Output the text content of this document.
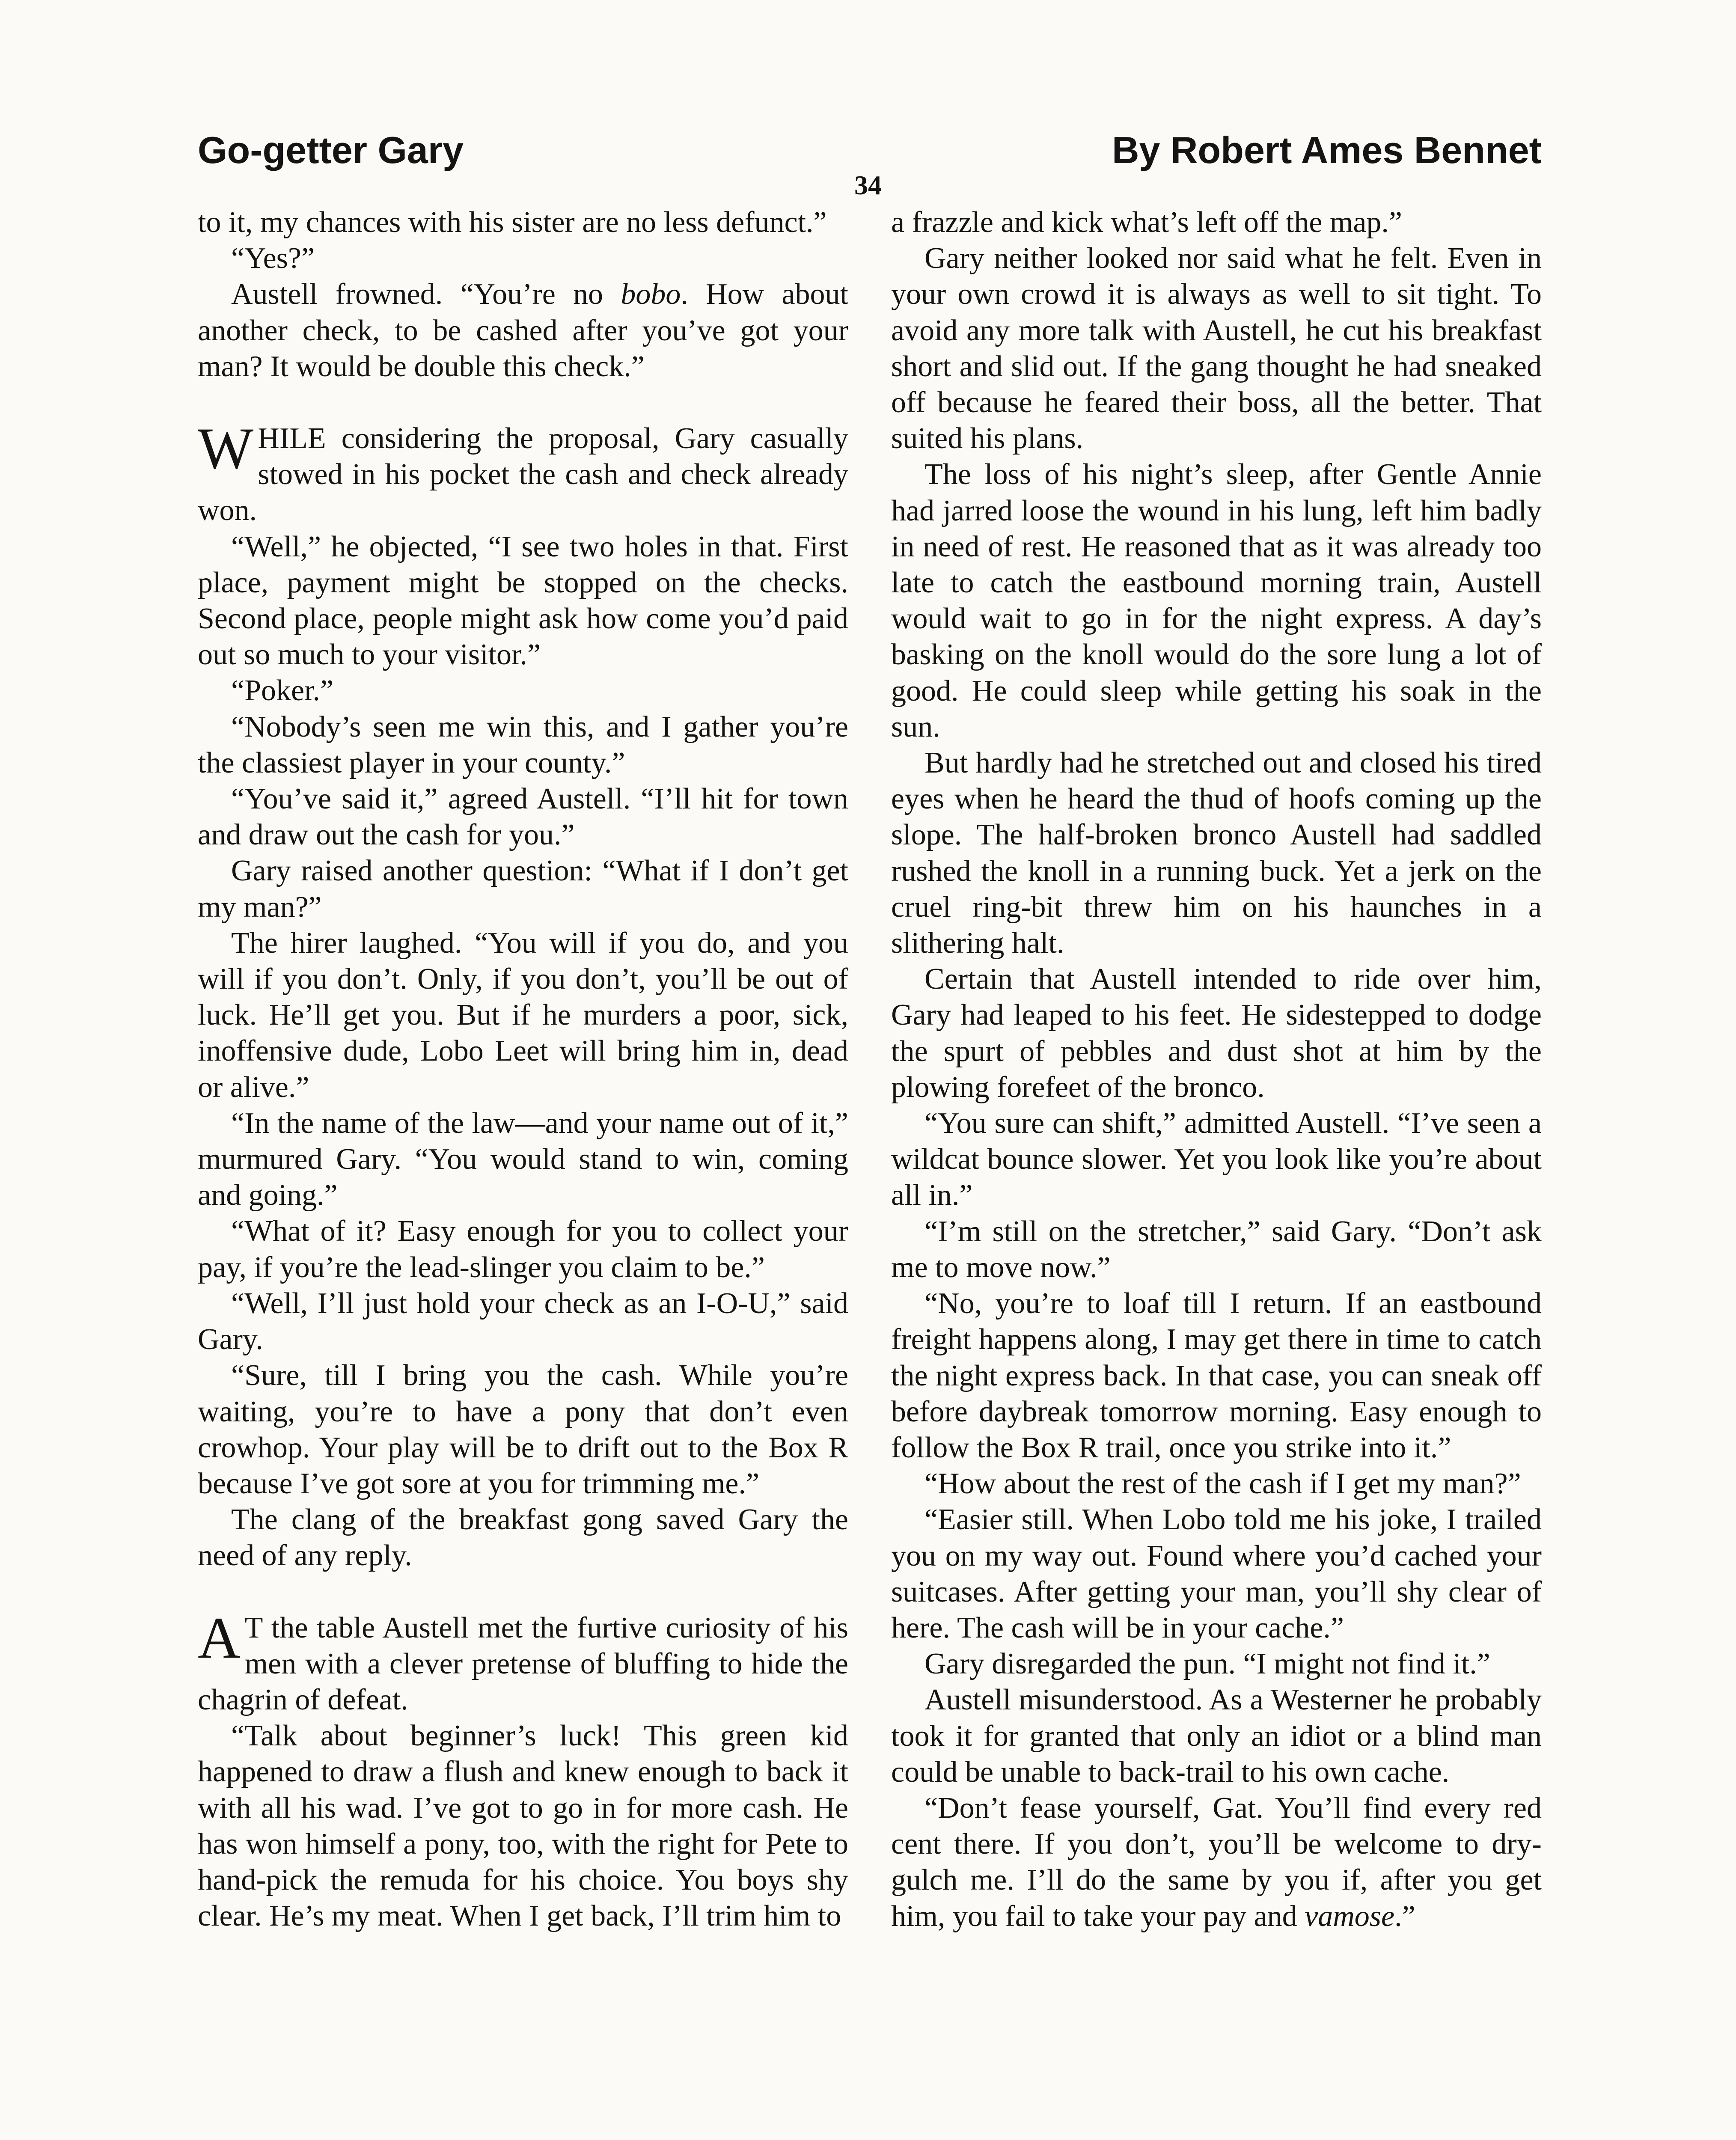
Go-getter Gary	By Robert Ames Bennet
34

to it, my chances with his sister are no less defunct.”

“Yes?”

Austell frowned. “You’re no bobo. How about another check, to be cashed after you’ve got your man? It would be double this check.”

WHILE considering the proposal, Gary casually stowed in his pocket the cash and check already won.

“Well,” he objected, “I see two holes in that. First place, payment might be stopped on the checks. Second place, people might ask how come you’d paid out so much to your visitor.”

“Poker.”

“Nobody’s seen me win this, and I gather you’re the classiest player in your county.”

“You’ve said it,” agreed Austell. “I’ll hit for town and draw out the cash for you.”

Gary raised another question: “What if I don’t get my man?”

The hirer laughed. “You will if you do, and you will if you don’t. Only, if you don’t, you’ll be out of luck. He’ll get you. But if he murders a poor, sick, inoffensive dude, Lobo Leet will bring him in, dead or alive.”

“In the name of the law—and your name out of it,” murmured Gary. “You would stand to win, coming and going.”

“What of it? Easy enough for you to collect your pay, if you’re the lead-slinger you claim to be.”

“Well, I’ll just hold your check as an I-O-U,” said Gary.

“Sure, till I bring you the cash. While you’re waiting, you’re to have a pony that don’t even crowhop. Your play will be to drift out to the Box R because I’ve got sore at you for trimming me.”

The clang of the breakfast gong saved Gary the need of any reply.

A T the table Austell met the furtive curiosity of his men with a clever pretense of bluffing to hide the chagrin of defeat.

“Talk about beginner’s luck! This green kid happened to draw a flush and knew enough to back it with all his wad. I’ve got to go in for more cash. He has won himself a pony, too, with the right for Pete to hand-pick the remuda for his choice. You boys shy clear. He’s my meat. When I get back, I’ll trim him to

a frazzle and kick what’s left off the map.”

Gary neither looked nor said what he felt. Even in your own crowd it is always as well to sit tight. To avoid any more talk with Austell, he cut his breakfast short and slid out. If the gang thought he had sneaked off because he feared their boss, all the better. That suited his plans.

The loss of his night’s sleep, after Gentle Annie had jarred loose the wound in his lung, left him badly in need of rest. He reasoned that as it was already too late to catch the eastbound morning train, Austell would wait to go in for the night express. A day’s basking on the knoll would do the sore lung a lot of good. He could sleep while getting his soak in the sun.

But hardly had he stretched out and closed his tired eyes when he heard the thud of hoofs coming up the slope. The half-broken bronco Austell had saddled rushed the knoll in a running buck. Yet a jerk on the cruel ring-bit threw him on his haunches in a slithering halt.

Certain that Austell intended to ride over him, Gary had leaped to his feet. He sidestepped to dodge the spurt of pebbles and dust shot at him by the plowing forefeet of the bronco.

“You sure can shift,” admitted Austell. “I’ve seen a wildcat bounce slower. Yet you look like you’re about all in.”

“I’m still on the stretcher,” said Gary. “Don’t ask me to move now.”

“No, you’re to loaf till I return. If an eastbound freight happens along, I may get there in time to catch the night express back. In that case, you can sneak off before daybreak tomorrow morning. Easy enough to follow the Box R trail, once you strike into it.”

“How about the rest of the cash if I get my man?”

“Easier still. When Lobo told me his joke, I trailed you on my way out. Found where you’d cached your suitcases. After getting your man, you’ll shy clear of here. The cash will be in your cache.”

Gary disregarded the pun. “I might not find it.”

Austell misunderstood. As a Westerner he probably took it for granted that only an idiot or a blind man could be unable to back-trail to his own cache.

“Don’t fease yourself, Gat. You’ll find every red cent there. If you don’t, you’ll be welcome to dry-gulch me. I’ll do the same by you if, after you get him, you fail to take your pay and vamose.”
